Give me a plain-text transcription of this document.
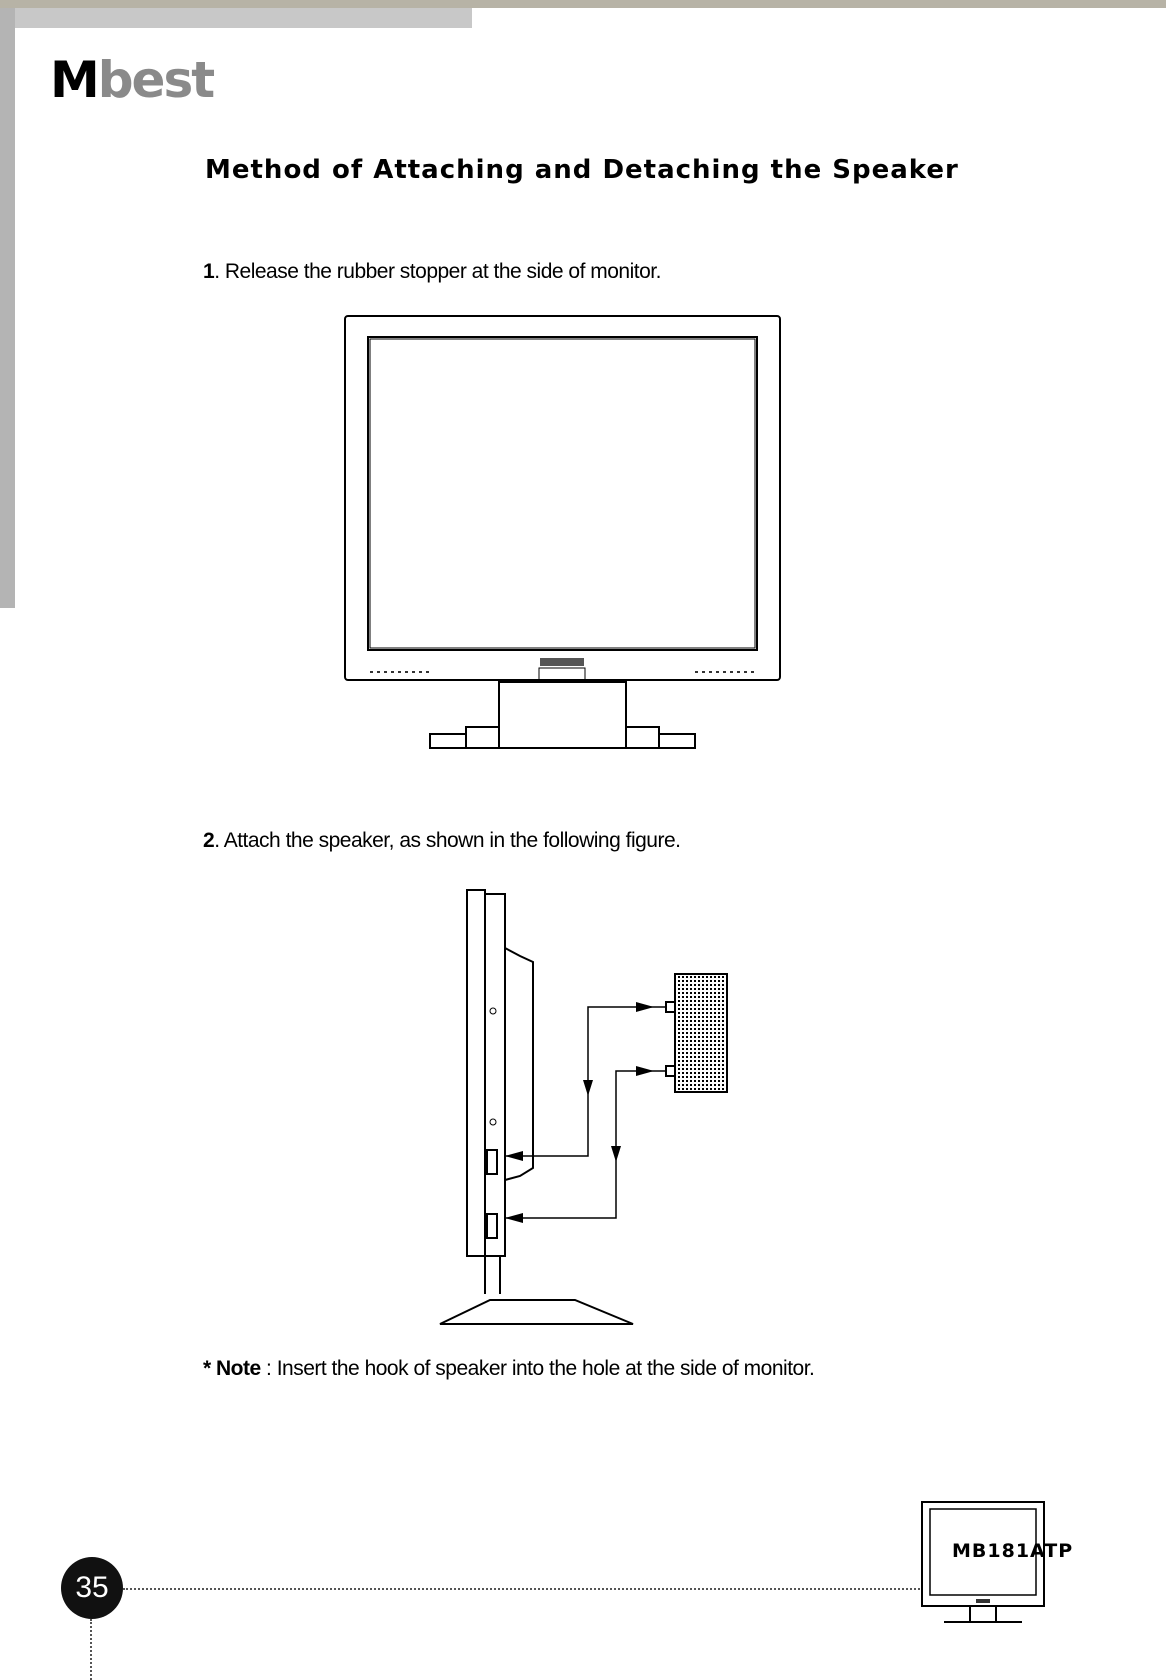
Mbest
Method of Attaching and Detaching the Speaker
1. Release the rubber stopper at the side of monitor.
2. Attach the speaker, as shown in the following figure.
* Note : Insert the hook of speaker into the hole at the side of monitor.
35
MB181ATP
